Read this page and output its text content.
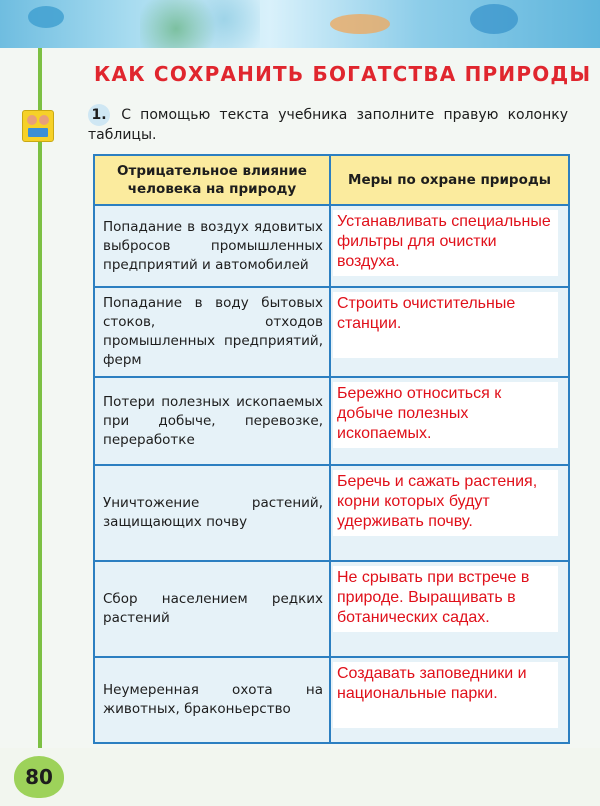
КАК СОХРАНИТЬ БОГАТСТВА ПРИРОДЫ
1. С помощью текста учебника заполните правую колонку таблицы.
Отрицательное влияние человека на природу	Меры по охране природы
Попадание в воздух ядовитых выбросов промышленных предприятий и автомобилей	Устанавливать специальные фильтры для очистки воздуха.

Попадание в воду бытовых стоков, отходов промышленных предприятий, ферм	Строить очистительные станции.

Потери полезных ископаемых при добыче, перевозке, переработке	Бережно относиться к добыче полезных ископаемых.

Уничтожение растений, защищающих почву	Беречь и сажать растения, корни которых будут удерживать почву.

Сбор населением редких растений	Не срывать при встрече в природе. Выращивать в ботанических садах.

Неумеренная охота на животных, браконьерство	Создавать заповедники и национальные парки.
80
